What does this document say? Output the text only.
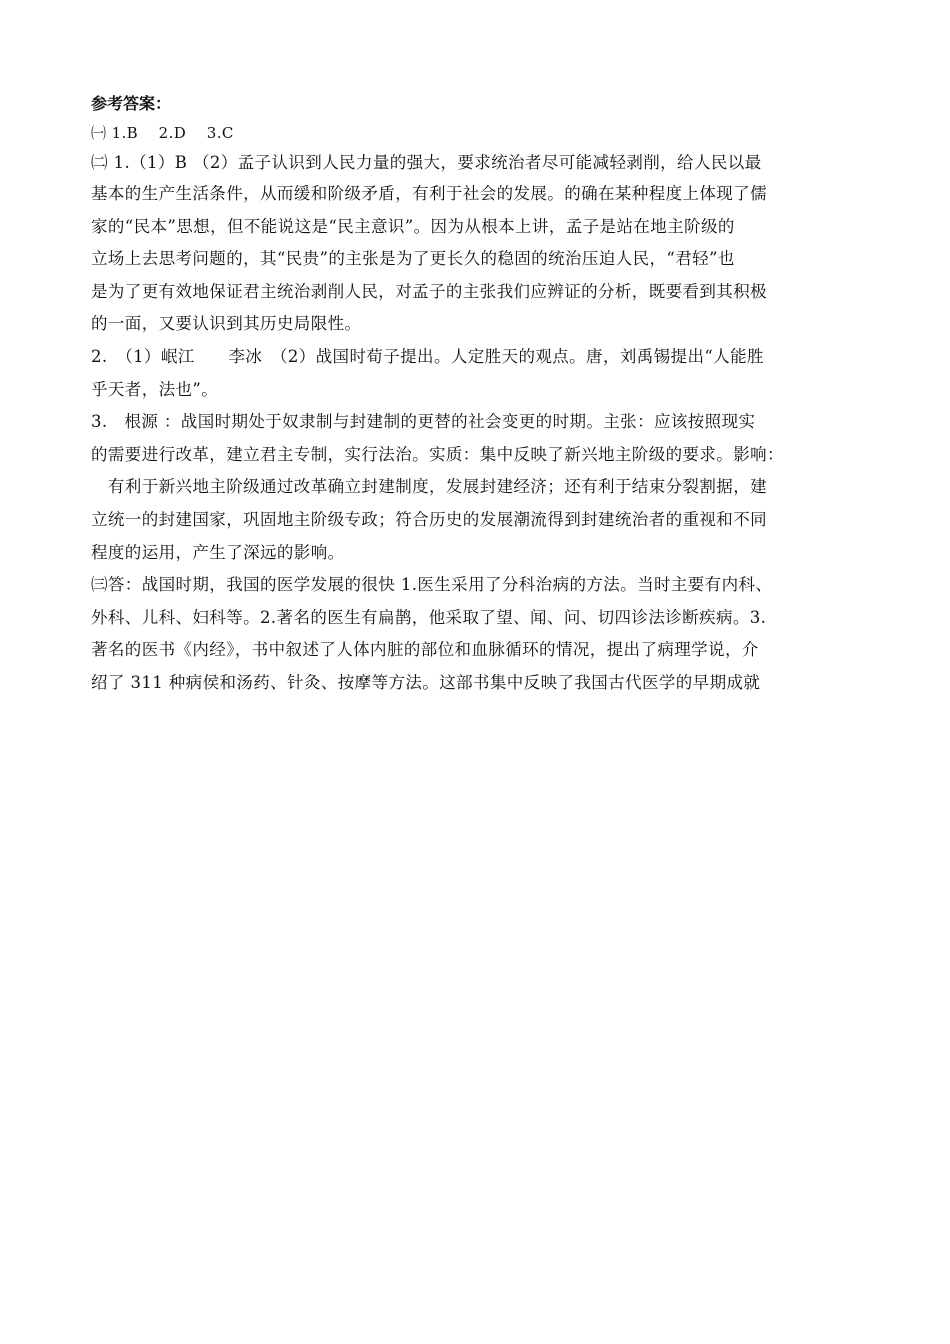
参考答案：

㈠ 1.B　 2.D　 3.C

㈡ 1.（1）B （2）孟子认识到人民力量的强大，要求统治者尽可能减轻剥削，给人民以最

基本的生产生活条件，从而缓和阶级矛盾，有利于社会的发展。的确在某种程度上体现了儒

家的“民本”思想，但不能说这是“民主意识”。因为从根本上讲，孟子是站在地主阶级的

立场上去思考问题的，其“民贵”的主张是为了更长久的稳固的统治压迫人民，“君轻”也

是为了更有效地保证君主统治剥削人民，对孟子的主张我们应辨证的分析，既要看到其积极

的一面，又要认识到其历史局限性。

2.　（1）岷江　　李冰　（2）战国时荀子提出。人定胜天的观点。唐，刘禹锡提出“人能胜

乎天者，法也”。

3.　根源 ：战国时期处于奴隶制与封建制的更替的社会变更的时期。主张：应该按照现实

的需要进行改革，建立君主专制，实行法治。实质：集中反映了新兴地主阶级的要求。影响：

　有利于新兴地主阶级通过改革确立封建制度，发展封建经济；还有利于结束分裂割据，建

立统一的封建国家，巩固地主阶级专政；符合历史的发展潮流得到封建统治者的重视和不同

程度的运用，产生了深远的影响。

㈢答：战国时期，我国的医学发展的很快 1.医生采用了分科治病的方法。当时主要有内科、

外科、儿科、妇科等。2.著名的医生有扁鹊，他采取了望、闻、问、切四诊法诊断疾病。3.

著名的医书《内经》，书中叙述了人体内脏的部位和血脉循环的情况，提出了病理学说，介

绍了 311 种病侯和汤药、针灸、按摩等方法。这部书集中反映了我国古代医学的早期成就
